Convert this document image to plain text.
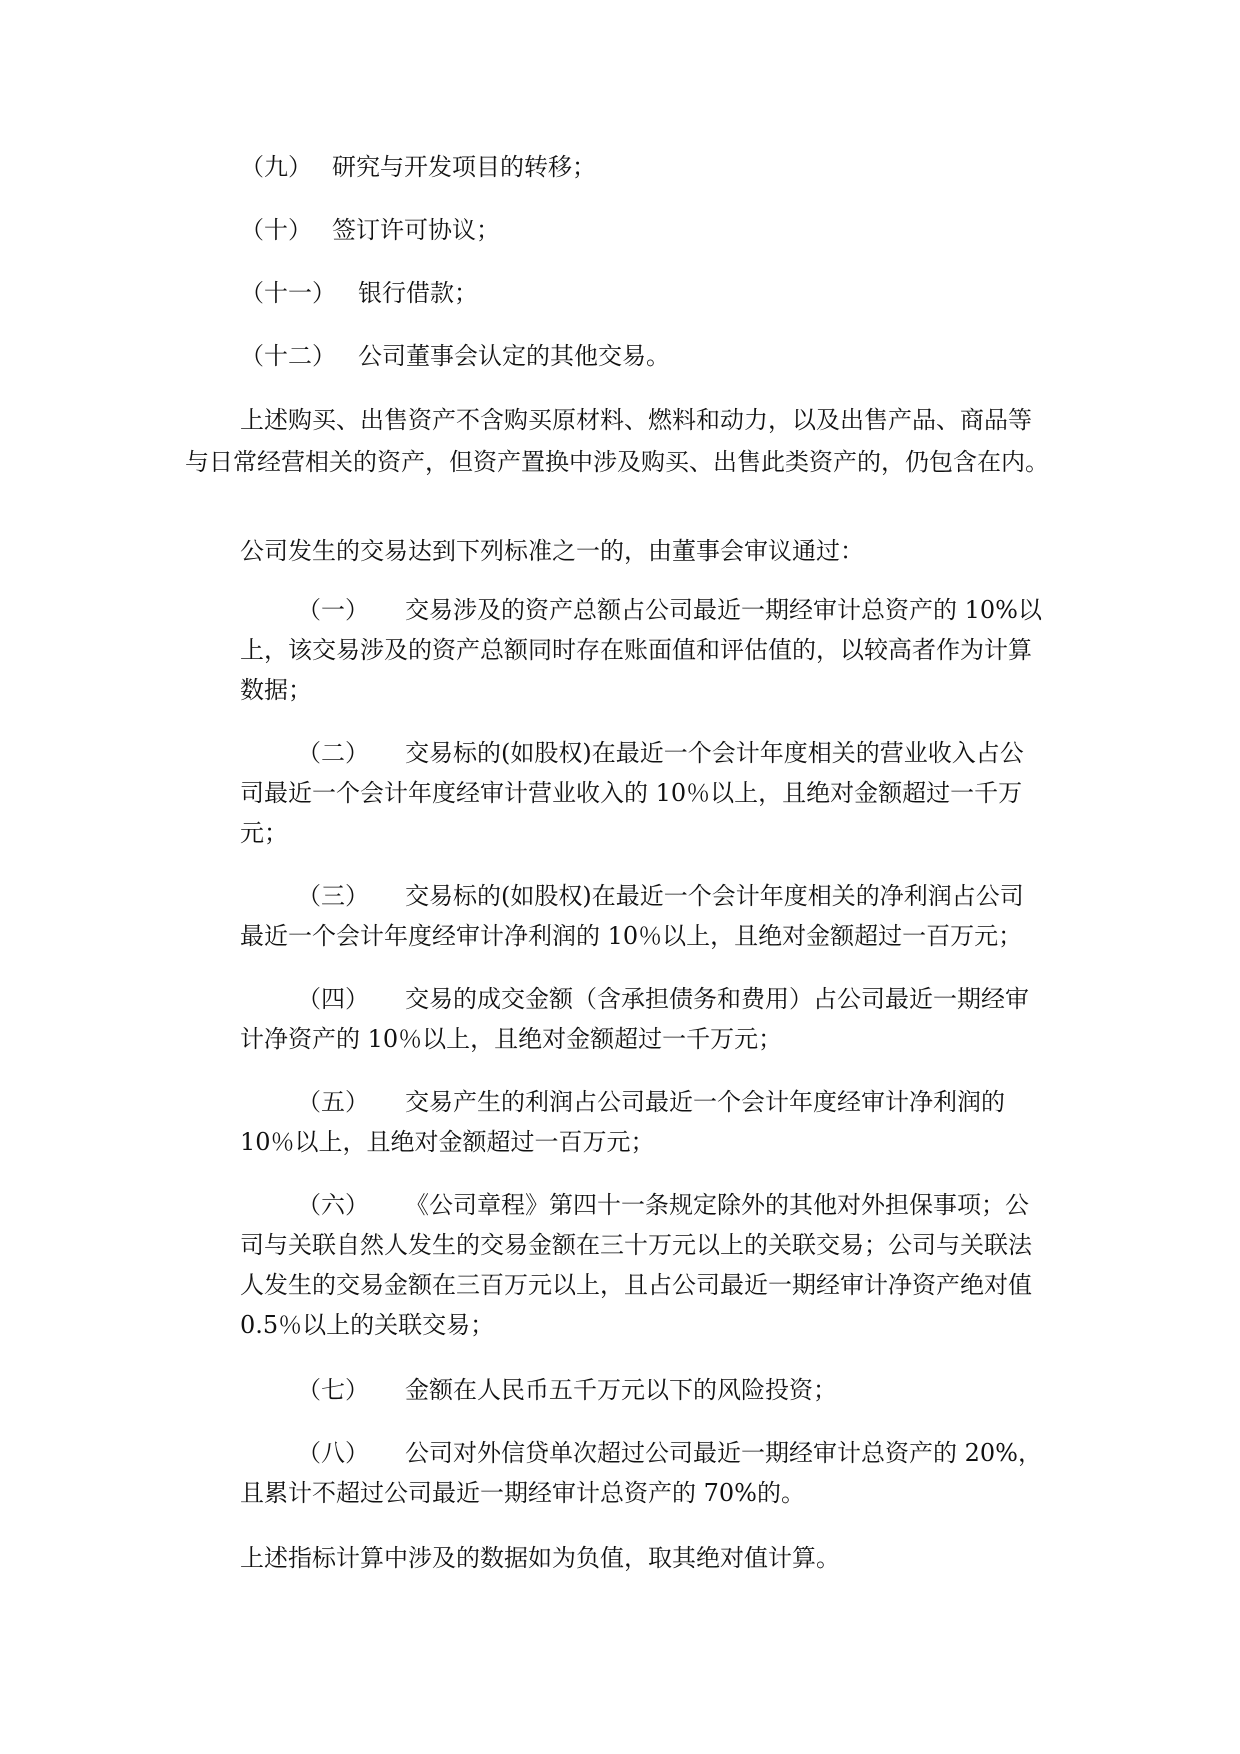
（九） 研究与开发项目的转移；
（十） 签订许可协议；
（十一） 银行借款；
（十二） 公司董事会认定的其他交易。
上述购买、出售资产不含购买原材料、燃料和动力，以及出售产品、商品等
与日常经营相关的资产，但资产置换中涉及购买、出售此类资产的，仍包含在内。
公司发生的交易达到下列标准之一的，由董事会审议通过：
（一） 交易涉及的资产总额占公司最近一期经审计总资产的 10%以
上，该交易涉及的资产总额同时存在账面值和评估值的，以较高者作为计算
数据；
（二） 交易标的(如股权)在最近一个会计年度相关的营业收入占公
司最近一个会计年度经审计营业收入的 10％以上，且绝对金额超过一千万
元；
（三） 交易标的(如股权)在最近一个会计年度相关的净利润占公司
最近一个会计年度经审计净利润的 10％以上，且绝对金额超过一百万元；
（四） 交易的成交金额（含承担债务和费用）占公司最近一期经审
计净资产的 10％以上，且绝对金额超过一千万元；
（五） 交易产生的利润占公司最近一个会计年度经审计净利润的
10％以上，且绝对金额超过一百万元；
（六） 《公司章程》第四十一条规定除外的其他对外担保事项；公
司与关联自然人发生的交易金额在三十万元以上的关联交易；公司与关联法
人发生的交易金额在三百万元以上，且占公司最近一期经审计净资产绝对值
0.5％以上的关联交易；
（七） 金额在人民币五千万元以下的风险投资；
（八） 公司对外信贷单次超过公司最近一期经审计总资产的 20%，
且累计不超过公司最近一期经审计总资产的 70%的。
上述指标计算中涉及的数据如为负值，取其绝对值计算。
